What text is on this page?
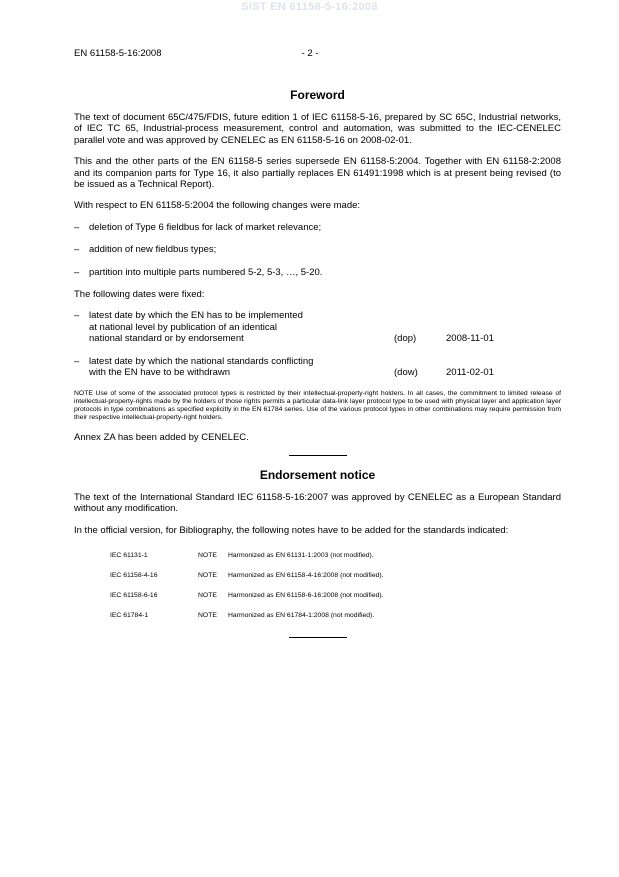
SIST EN 61158-5-16:2008
EN 61158-5-16:2008	- 2 -
Foreword

The text of document 65C/475/FDIS, future edition 1 of IEC 61158-5-16, prepared by SC 65C, Industrial networks, of IEC TC 65, Industrial-process measurement, control and automation, was submitted to the IEC-CENELEC parallel vote and was approved by CENELEC as EN 61158-5-16 on 2008-02-01.

This and the other parts of the EN 61158-5 series supersede EN 61158-5:2004. Together with EN 61158-2:2008 and its companion parts for Type 16, it also partially replaces EN 61491:1998 which is at present being revised (to be issued as a Technical Report).

With respect to EN 61158-5:2004 the following changes were made:

–	deletion of Type 6 fieldbus for lack of market relevance;
–	addition of new fieldbus types;
–	partition into multiple parts numbered 5-2, 5-3, …, 5-20.

The following dates were fixed:

–	latest date by which the EN has to be implemented
at national level by publication of an identical
national standard or by endorsement	(dop)	2008-11-01
–	latest date by which the national standards conflicting
with the EN have to be withdrawn	(dow)	2011-02-01

NOTE Use of some of the associated protocol types is restricted by their intellectual-property-right holders. In all cases, the commitment to limited release of intellectual-property-rights made by the holders of those rights permits a particular data-link layer protocol type to be used with physical layer and application layer protocols in type combinations as specified explicitly in the EN 61784 series. Use of the various protocol types in other combinations may require permission from their respective intellectual-property-right holders.

Annex ZA has been added by CENELEC.

Endorsement notice

The text of the International Standard IEC 61158-5-16:2007 was approved by CENELEC as a European Standard without any modification.

In the official version, for Bibliography, the following notes have to be added for the standards indicated:

IEC 61131-1	NOTE	Harmonized as EN 61131-1:2003 (not modified).
IEC 61158-4-16	NOTE	Harmonized as EN 61158-4-16:2008 (not modified).
IEC 61158-6-16	NOTE	Harmonized as EN 61158-6-16:2008 (not modified).
IEC 61784-1	NOTE	Harmonized as EN 61784-1:2008 (not modified).
